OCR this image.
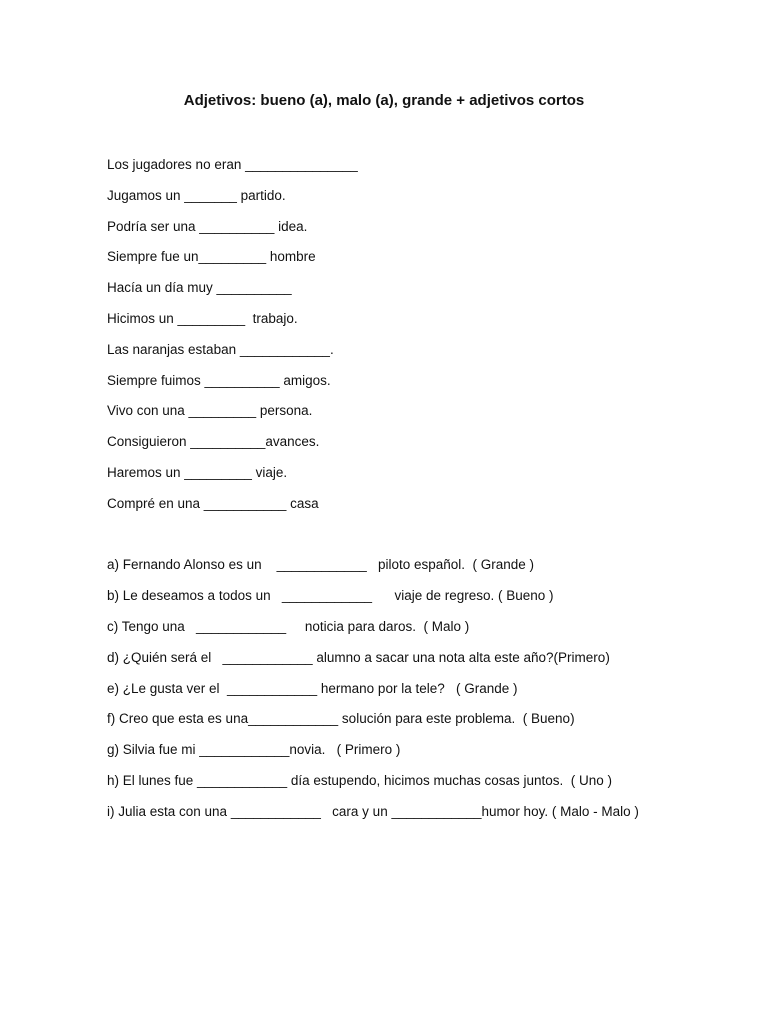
Adjetivos: bueno (a), malo (a), grande + adjetivos cortos
Los jugadores no eran _______________
Jugamos un _______ partido.
Podría ser una __________ idea.
Siempre fue un_________ hombre
Hacía un día muy __________
Hicimos un _________  trabajo.
Las naranjas estaban ____________.
Siempre fuimos __________ amigos.
Vivo con una _________ persona.
Consiguieron __________avances.
Haremos un _________ viaje.
Compré en una ___________ casa
a) Fernando Alonso es un    ____________   piloto español.  ( Grande )
b) Le deseamos a todos un   ____________      viaje de regreso. ( Bueno )
c) Tengo una   ____________     noticia para daros.  ( Malo )
d) ¿Quién será el   ____________ alumno a sacar una nota alta este año?(Primero)
e) ¿Le gusta ver el  ____________ hermano por la tele?   ( Grande )
f) Creo que esta es una____________ solución para este problema.  ( Bueno)
g) Silvia fue mi ____________novia.   ( Primero )
h) El lunes fue ____________ día estupendo, hicimos muchas cosas juntos.  ( Uno )
i) Julia esta con una ____________   cara y un ____________humor hoy. ( Malo - Malo )
